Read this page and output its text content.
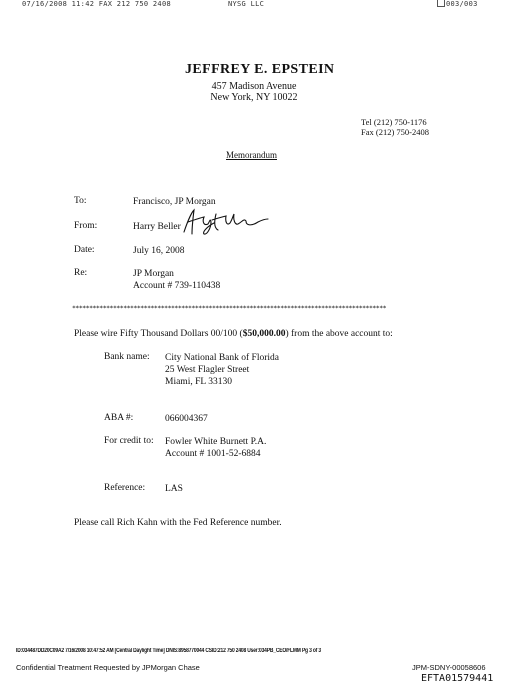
07/16/2008 11:42 FAX 212 750 2408	NYSG LLC	003/003
JEFFREY E. EPSTEIN
457 Madison Avenue
New York, NY 10022
Tel (212) 750-1176
Fax (212) 750-2408
Memorandum
To:	Francisco, JP Morgan
From:	Harry Beller
Date:	July 16, 2008
Re:	JP Morgan
Account # 739-110438
********************************************************************************************
Please wire Fifty Thousand Dollars 00/100 ($50,000.00) from the above account to:
Bank name: City National Bank of Florida
25 West Flagler Street
Miami, FL 33130
ABA #:	066004367
For credit to: Fowler White Burnett P.A.
Account # 1001-52-6884
Reference: LAS
Please call Rich Kahn with the Fed Reference number.
ID:034487DD20C09A2 7/16/2008 10:47:52 AM [Central Daylight Time] DNIS:8958770044 CSID:212 750 2408 User:034PB_CEO/FLMM Pg 3 of 3
Confidential Treatment Requested by JPMorgan Chase	JPM-SDNY-00058606
EFTA01579441
